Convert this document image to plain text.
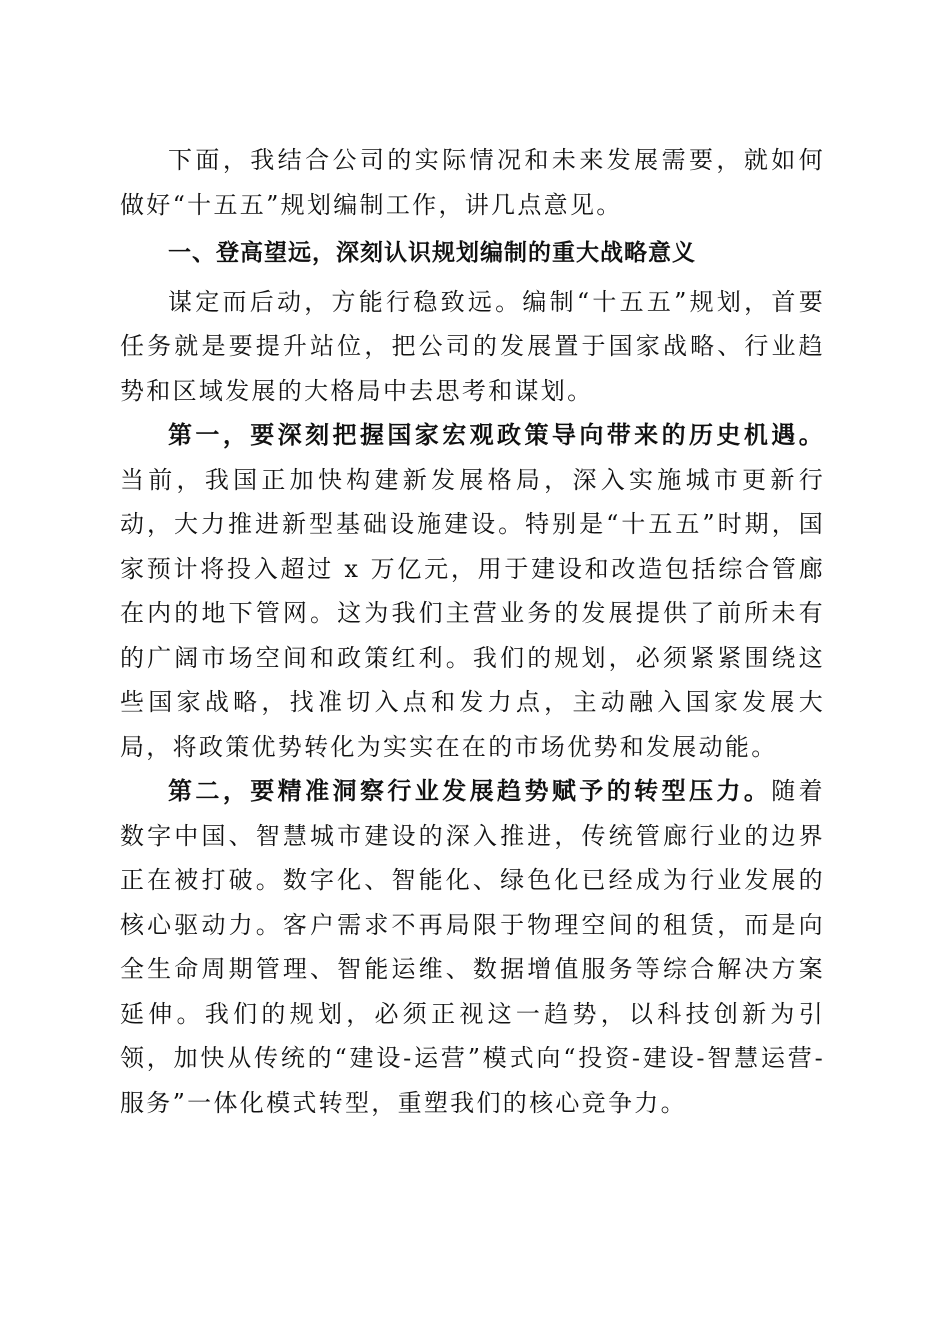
下面，我结合公司的实际情况和未来发展需要，就如何做好“十五五”规划编制工作，讲几点意见。

一、登高望远，深刻认识规划编制的重大战略意义

谋定而后动，方能行稳致远。编制“十五五”规划，首要任务就是要提升站位，把公司的发展置于国家战略、行业趋势和区域发展的大格局中去思考和谋划。

第一，要深刻把握国家宏观政策导向带来的历史机遇。当前，我国正加快构建新发展格局，深入实施城市更新行动，大力推进新型基础设施建设。特别是“十五五”时期，国家预计将投入超过 x 万亿元，用于建设和改造包括综合管廊在内的地下管网。这为我们主营业务的发展提供了前所未有的广阔市场空间和政策红利。我们的规划，必须紧紧围绕这些国家战略，找准切入点和发力点，主动融入国家发展大局，将政策优势转化为实实在在的市场优势和发展动能。

第二，要精准洞察行业发展趋势赋予的转型压力。随着数字中国、智慧城市建设的深入推进，传统管廊行业的边界正在被打破。数字化、智能化、绿色化已经成为行业发展的核心驱动力。客户需求不再局限于物理空间的租赁，而是向全生命周期管理、智能运维、数据增值服务等综合解决方案延伸。我们的规划，必须正视这一趋势，以科技创新为引领，加快从传统的“建设-运营”模式向“投资-建设-智慧运营-服务”一体化模式转型，重塑我们的核心竞争力。
